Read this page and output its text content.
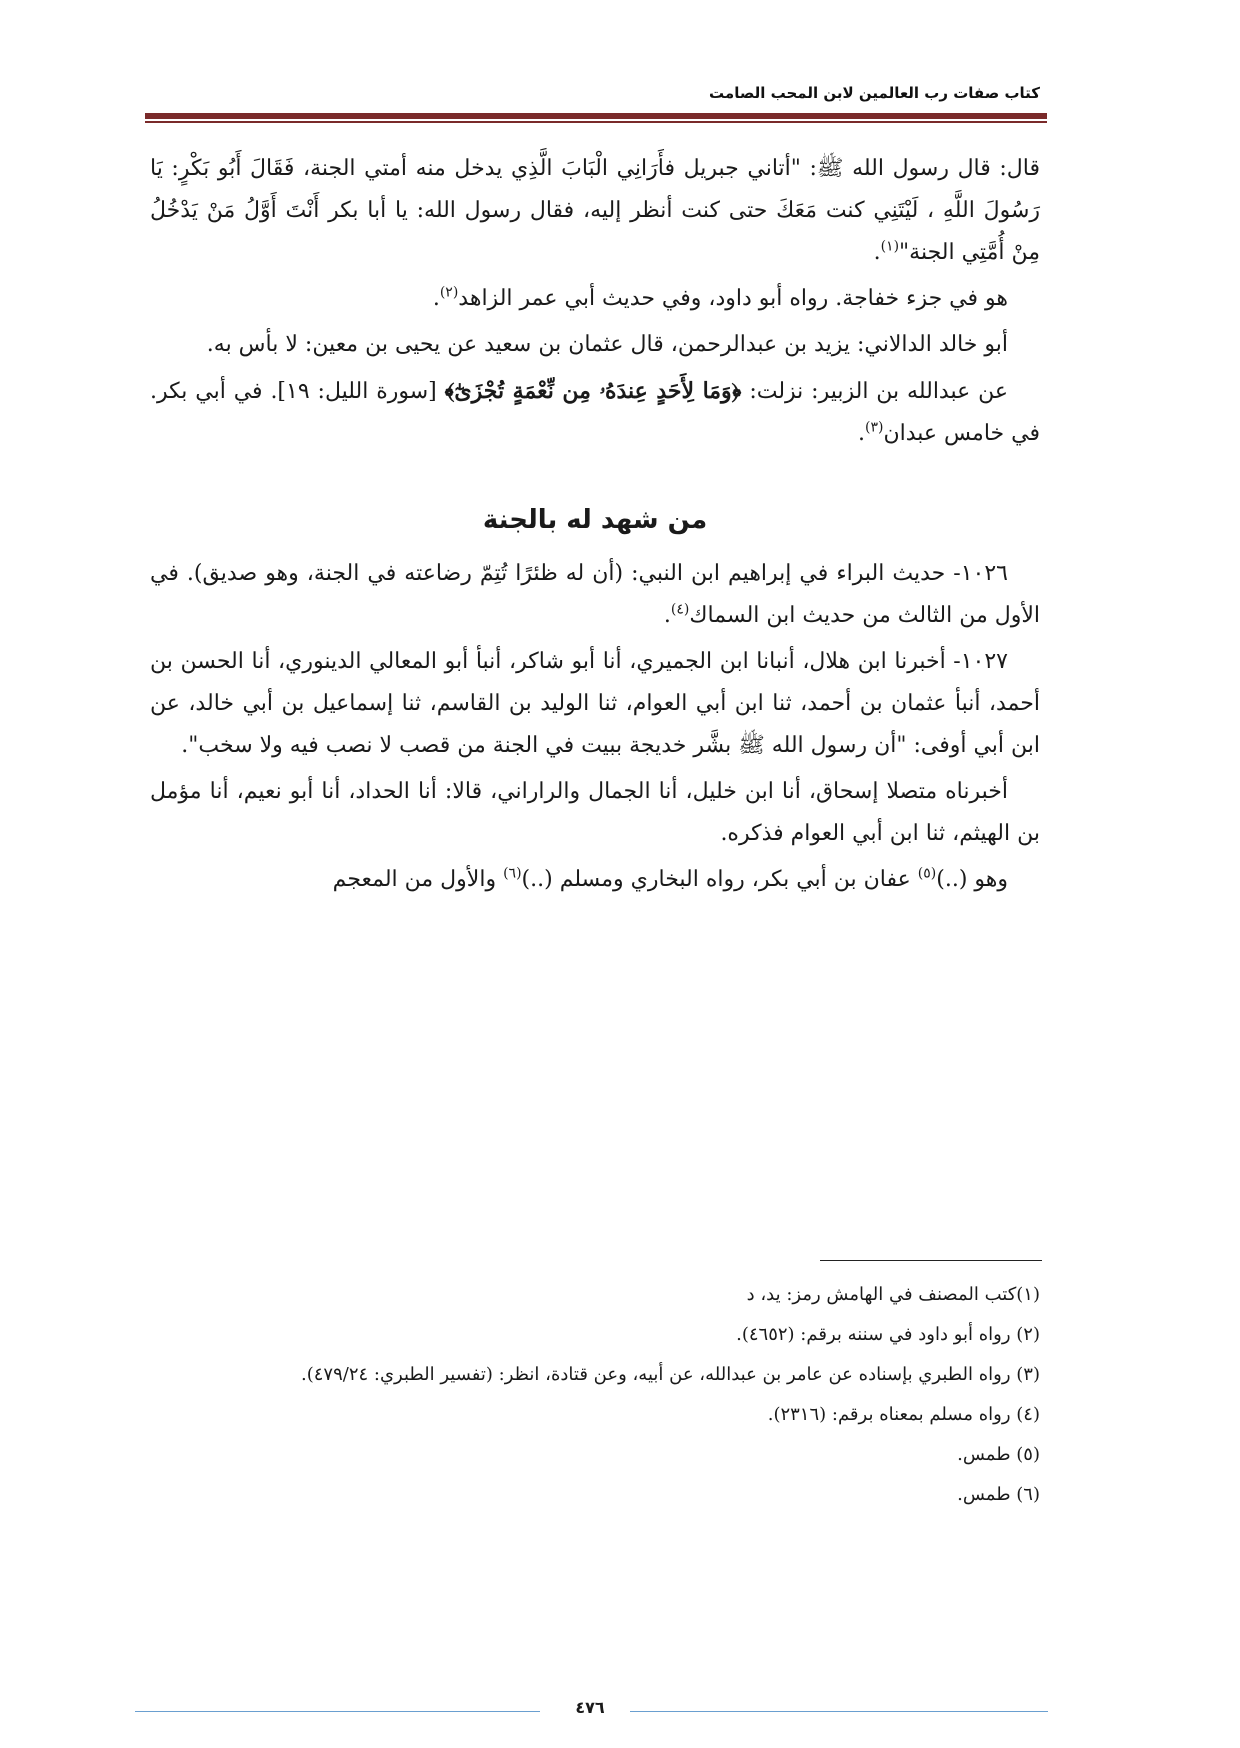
كتاب صفات رب العالمين لابن المحب الصامت

قال: قال رسول الله ﷺ: "أتاني جبريل فأَرَانِي الْبَابَ الَّذِي يدخل منه أمتي الجنة، فَقَالَ أَبُو بَكْرٍ: يَا رَسُولَ اللَّهِ ، لَيْتَنِي كنت مَعَكَ حتى كنت أنظر إليه، فقال رسول الله: يا أبا بكر أَنْتَ أَوَّلُ مَنْ يَدْخُلُ مِنْ أُمَّتِي الجنة"$^{(١)}$.

هو في جزء خفاجة. رواه أبو داود، وفي حديث أبي عمر الزاهد$^{(٢)}$.

أبو خالد الدالاني: يزيد بن عبدالرحمن، قال عثمان بن سعيد عن يحيى بن معين: لا بأس به.

عن عبدالله بن الزبير: نزلت: ﴿وَمَا لِأَحَدٍ عِندَهُۥ مِن نِّعْمَةٍ تُجْزَىٰٓ﴾ [سورة الليل: ١٩]. في أبي بكر. في خامس عبدان$^{(٣)}$.

من شهد له بالجنة

١٠٢٦- حديث البراء في إبراهيم ابن النبي: (أن له ظئرًا تُتِمّ رضاعته في الجنة، وهو صديق). في الأول من الثالث من حديث ابن السماك$^{(٤)}$.

١٠٢٧- أخبرنا ابن هلال، أنبانا ابن الجميري، أنا أبو شاكر، أنبأ أبو المعالي الدينوري، أنا الحسن بن أحمد، أنبأ عثمان بن أحمد، ثنا ابن أبي العوام، ثنا الوليد بن القاسم، ثنا إسماعيل بن أبي خالد، عن ابن أبي أوفى: "أن رسول الله ﷺ بشَّر خديجة ببيت في الجنة من قصب لا نصب فيه ولا سخب".

أخبرناه متصلا إسحاق، أنا ابن خليل، أنا الجمال والراراني، قالا: أنا الحداد، أنا أبو نعيم، أنا مؤمل بن الهيثم، ثنا ابن أبي العوام فذكره.

وهو (..)$^{(٥)}$ عفان بن أبي بكر، رواه البخاري ومسلم (..)$^{(٦)}$ والأول من المعجم

(١)كتب المصنف في الهامش رمز: يد، د
(٢) رواه أبو داود في سننه برقم: (٤٦٥٢).
(٣) رواه الطبري بإسناده عن عامر بن عبدالله، عن أبيه، وعن قتادة، انظر: (تفسير الطبري: ٤٧٩/٢٤).
(٤) رواه مسلم بمعناه برقم: (٢٣١٦).
(٥) طمس.
(٦) طمس.
٤٧٦
